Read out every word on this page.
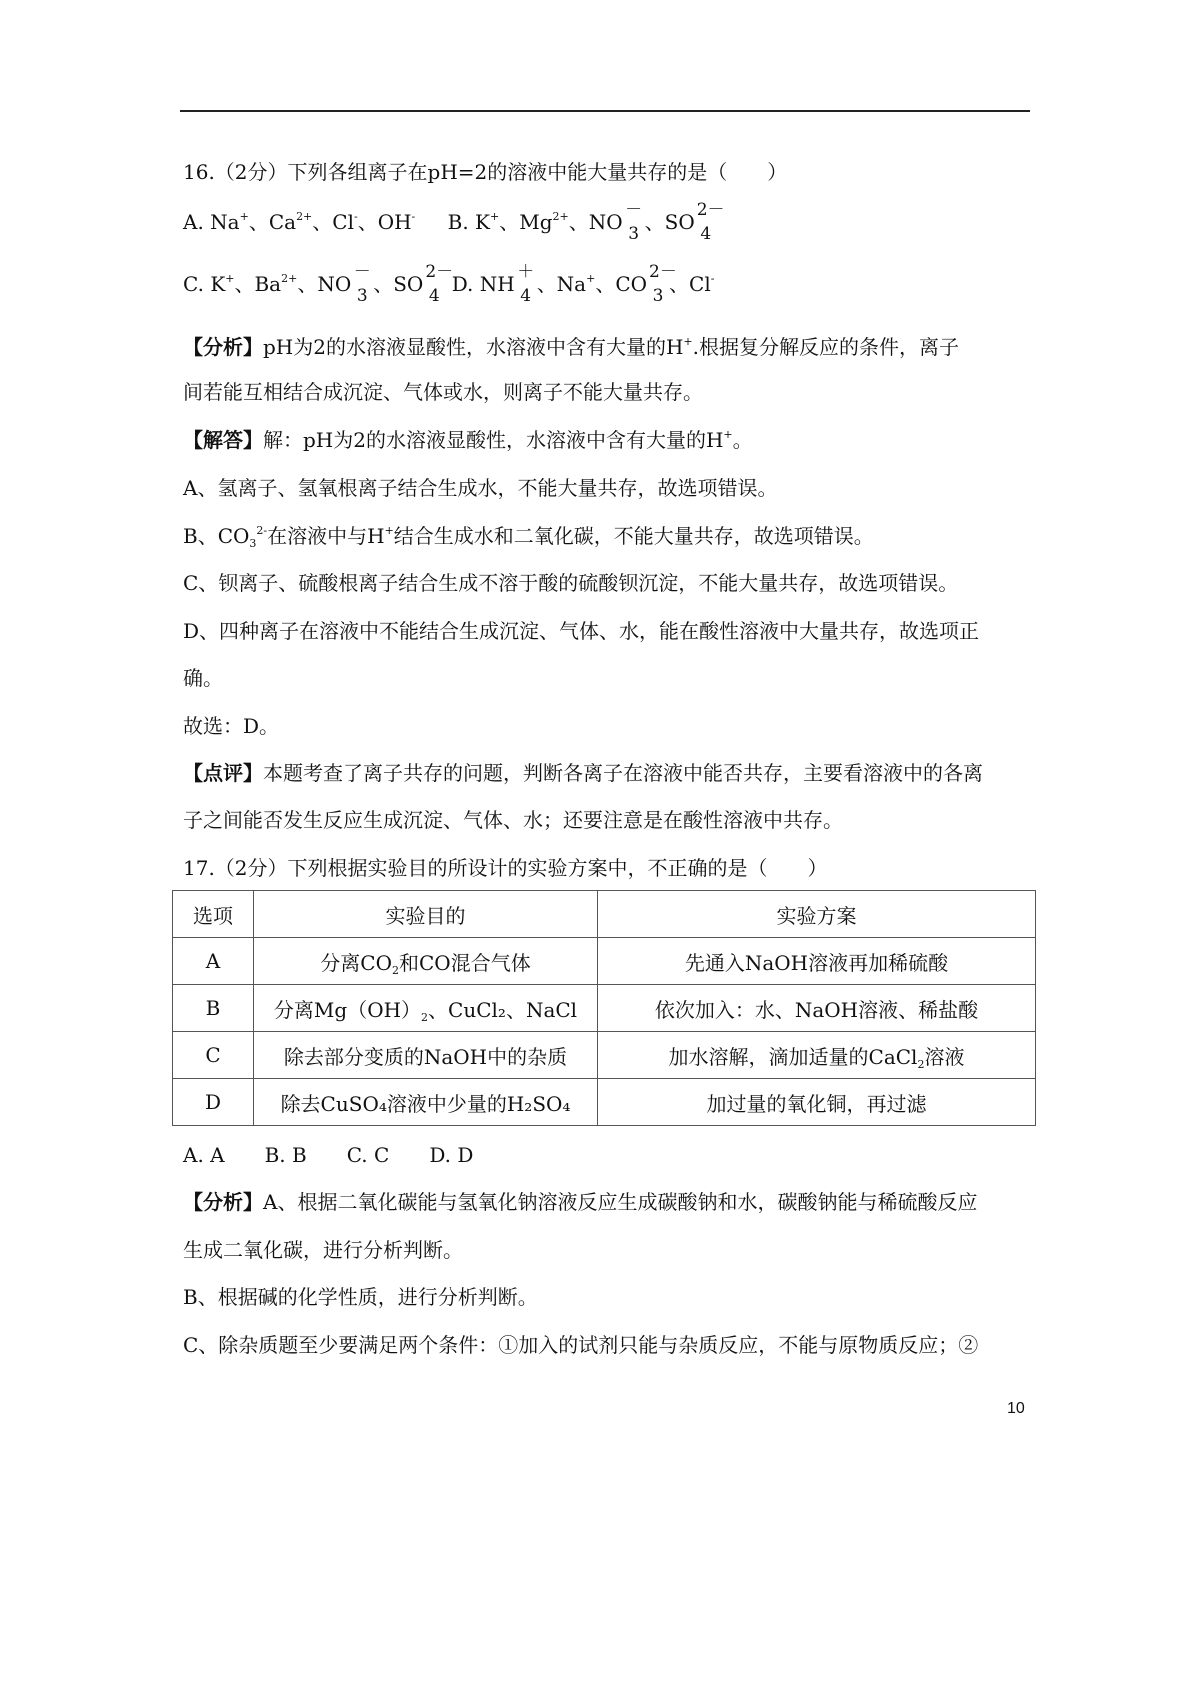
16.（2分）下列各组离子在pH=2的溶液中能大量共存的是（　　）
A. Na+、$Ca^{2+}$、Cl-、OH- B. K+、$Mg^{2+}$、NO
－
3 、SO
2－
4
C. K+、$Ba^{2+}$、NO
－
3 、SO
2－
4 D. NH
＋
4 、Na+、CO
2－
3 、Cl-
【分析】pH为2的水溶液显酸性，水溶液中含有大量的H+.根据复分解反应的条件，离子
间若能互相结合成沉淀、气体或水，则离子不能大量共存。
【解答】解：pH为2的水溶液显酸性，水溶液中含有大量的H+。
A、氢离子、氢氧根离子结合生成水，不能大量共存，故选项错误。
B、$CO_3^{2-}$在溶液中与H+结合生成水和二氧化碳，不能大量共存，故选项错误。
C、钡离子、硫酸根离子结合生成不溶于酸的硫酸钡沉淀，不能大量共存，故选项错误。
D、四种离子在溶液中不能结合生成沉淀、气体、水，能在酸性溶液中大量共存，故选项正
确。
故选：D。
【点评】本题考查了离子共存的问题，判断各离子在溶液中能否共存，主要看溶液中的各离
子之间能否发生反应生成沉淀、气体、水；还要注意是在酸性溶液中共存。
17.（2分）下列根据实验目的所设计的实验方案中，不正确的是（　　）
选项	实验目的	实验方案
A	分离$CO_2$和CO混合气体	先通入NaOH溶液再加稀硫酸
B	分离$Mg(OH)_2$、CuCl₂、NaCl	依次加入：水、NaOH溶液、稀盐酸
C	除去部分变质的NaOH中的杂质	加水溶解，滴加适量的CaCl$_2$溶液
D	除去CuSO₄溶液中少量的H₂SO₄	加过量的氧化铜，再过滤
A. A　　B. B　　C. C　　D. D
【分析】A、根据二氧化碳能与氢氧化钠溶液反应生成碳酸钠和水，碳酸钠能与稀硫酸反应
生成二氧化碳，进行分析判断。
B、根据碱的化学性质，进行分析判断。
C、除杂质题至少要满足两个条件：①加入的试剂只能与杂质反应，不能与原物质反应；②
10
